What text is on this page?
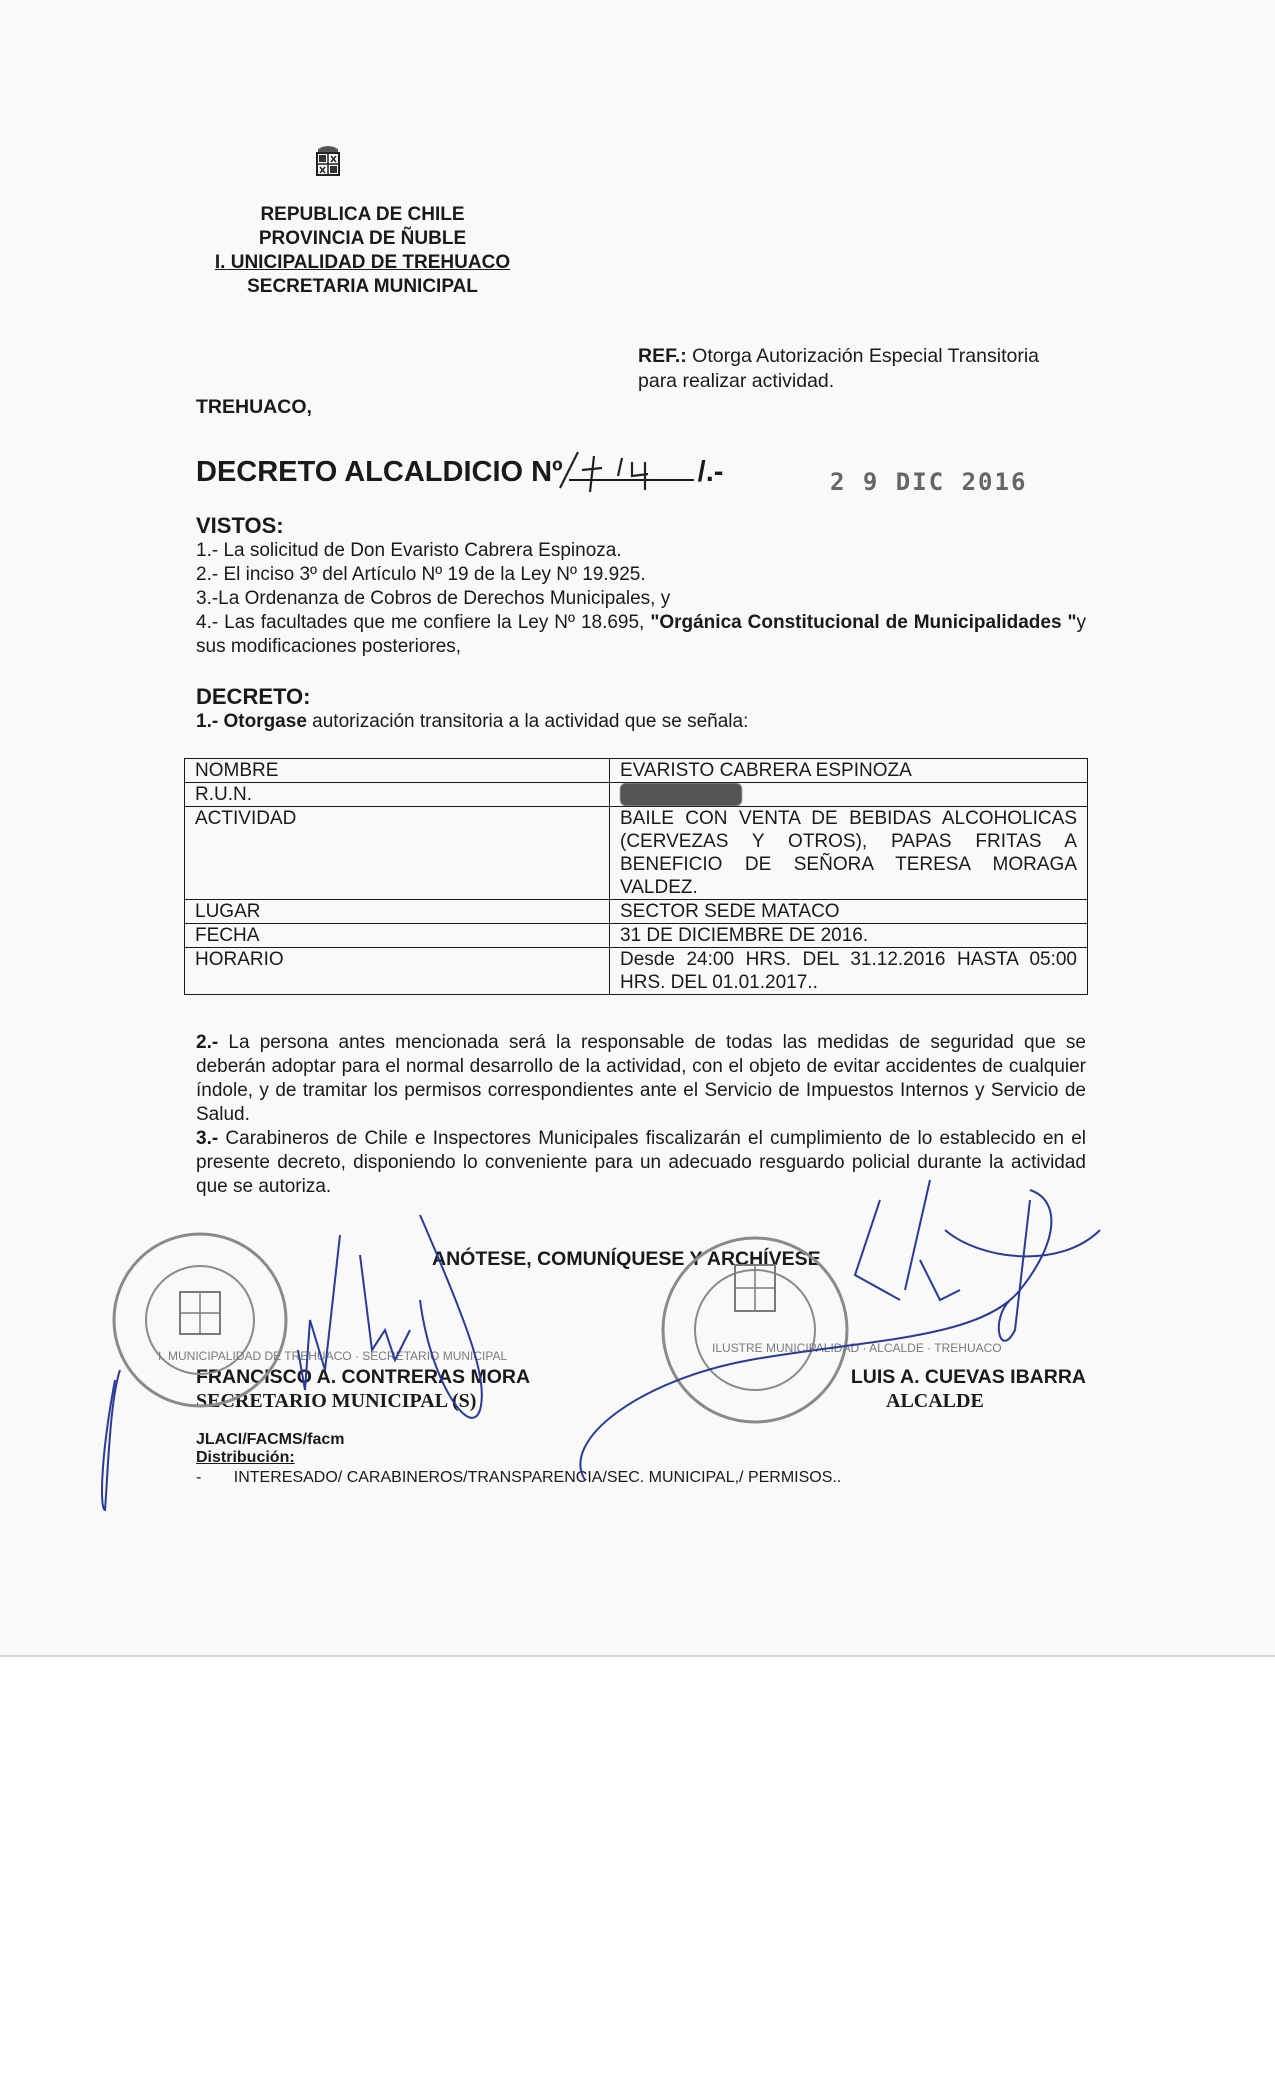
REPUBLICA DE CHILE
PROVINCIA DE ÑUBLE
I. UNICIPALIDAD DE TREHUACO
SECRETARIA MUNICIPAL
REF.: Otorga Autorización Especial Transitoria para realizar actividad.
TREHUACO,
DECRETO ALCALDICIO Nº	/.-	2 9 DIC 2016
VISTOS:
1.- La solicitud de Don Evaristo Cabrera Espinoza.
2.- El inciso 3º del Artículo Nº 19 de la Ley Nº 19.925.
3.-La Ordenanza de Cobros de Derechos Municipales, y
4.- Las facultades que me confiere la Ley Nº 18.695, "Orgánica Constitucional de Municipalidades "y sus modificaciones posteriores,
DECRETO:
1.- Otorgase autorización transitoria a la actividad que se señala:
NOMBRE	EVARISTO CABRERA ESPINOZA
R.U.N.	10.734.179-K
ACTIVIDAD	BAILE CON VENTA DE BEBIDAS ALCOHOLICAS (CERVEZAS Y OTROS), PAPAS FRITAS A BENEFICIO DE SEÑORA TERESA MORAGA VALDEZ.
LUGAR	SECTOR SEDE MATACO
FECHA	31 DE DICIEMBRE DE 2016.
HORARIO	Desde 24:00 HRS. DEL 31.12.2016 HASTA 05:00 HRS. DEL 01.01.2017..
2.- La persona antes mencionada será la responsable de todas las medidas de seguridad que se deberán adoptar para el normal desarrollo de la actividad, con el objeto de evitar accidentes de cualquier índole, y de tramitar los permisos correspondientes ante el Servicio de Impuestos Internos y Servicio de Salud.
3.- Carabineros de Chile e Inspectores Municipales fiscalizarán el cumplimiento de lo establecido en el presente decreto, disponiendo lo conveniente para un adecuado resguardo policial durante la actividad que se autoriza.
ANÓTESE, COMUNÍQUESE Y ARCHÍVESE
FRANCISCO A. CONTRERAS MORA
SECRETARIO MUNICIPAL (S)
LUIS A. CUEVAS IBARRA
ALCALDE
JLACI/FACMS/facm
Distribución:
- INTERESADO/ CARABINEROS/TRANSPARENCIA/SEC. MUNICIPAL,/ PERMISOS..
I. MUNICIPALIDAD DE TREHUACO · SECRETARIO MUNICIPAL
ILUSTRE MUNICIPALIDAD · ALCALDE · TREHUACO
